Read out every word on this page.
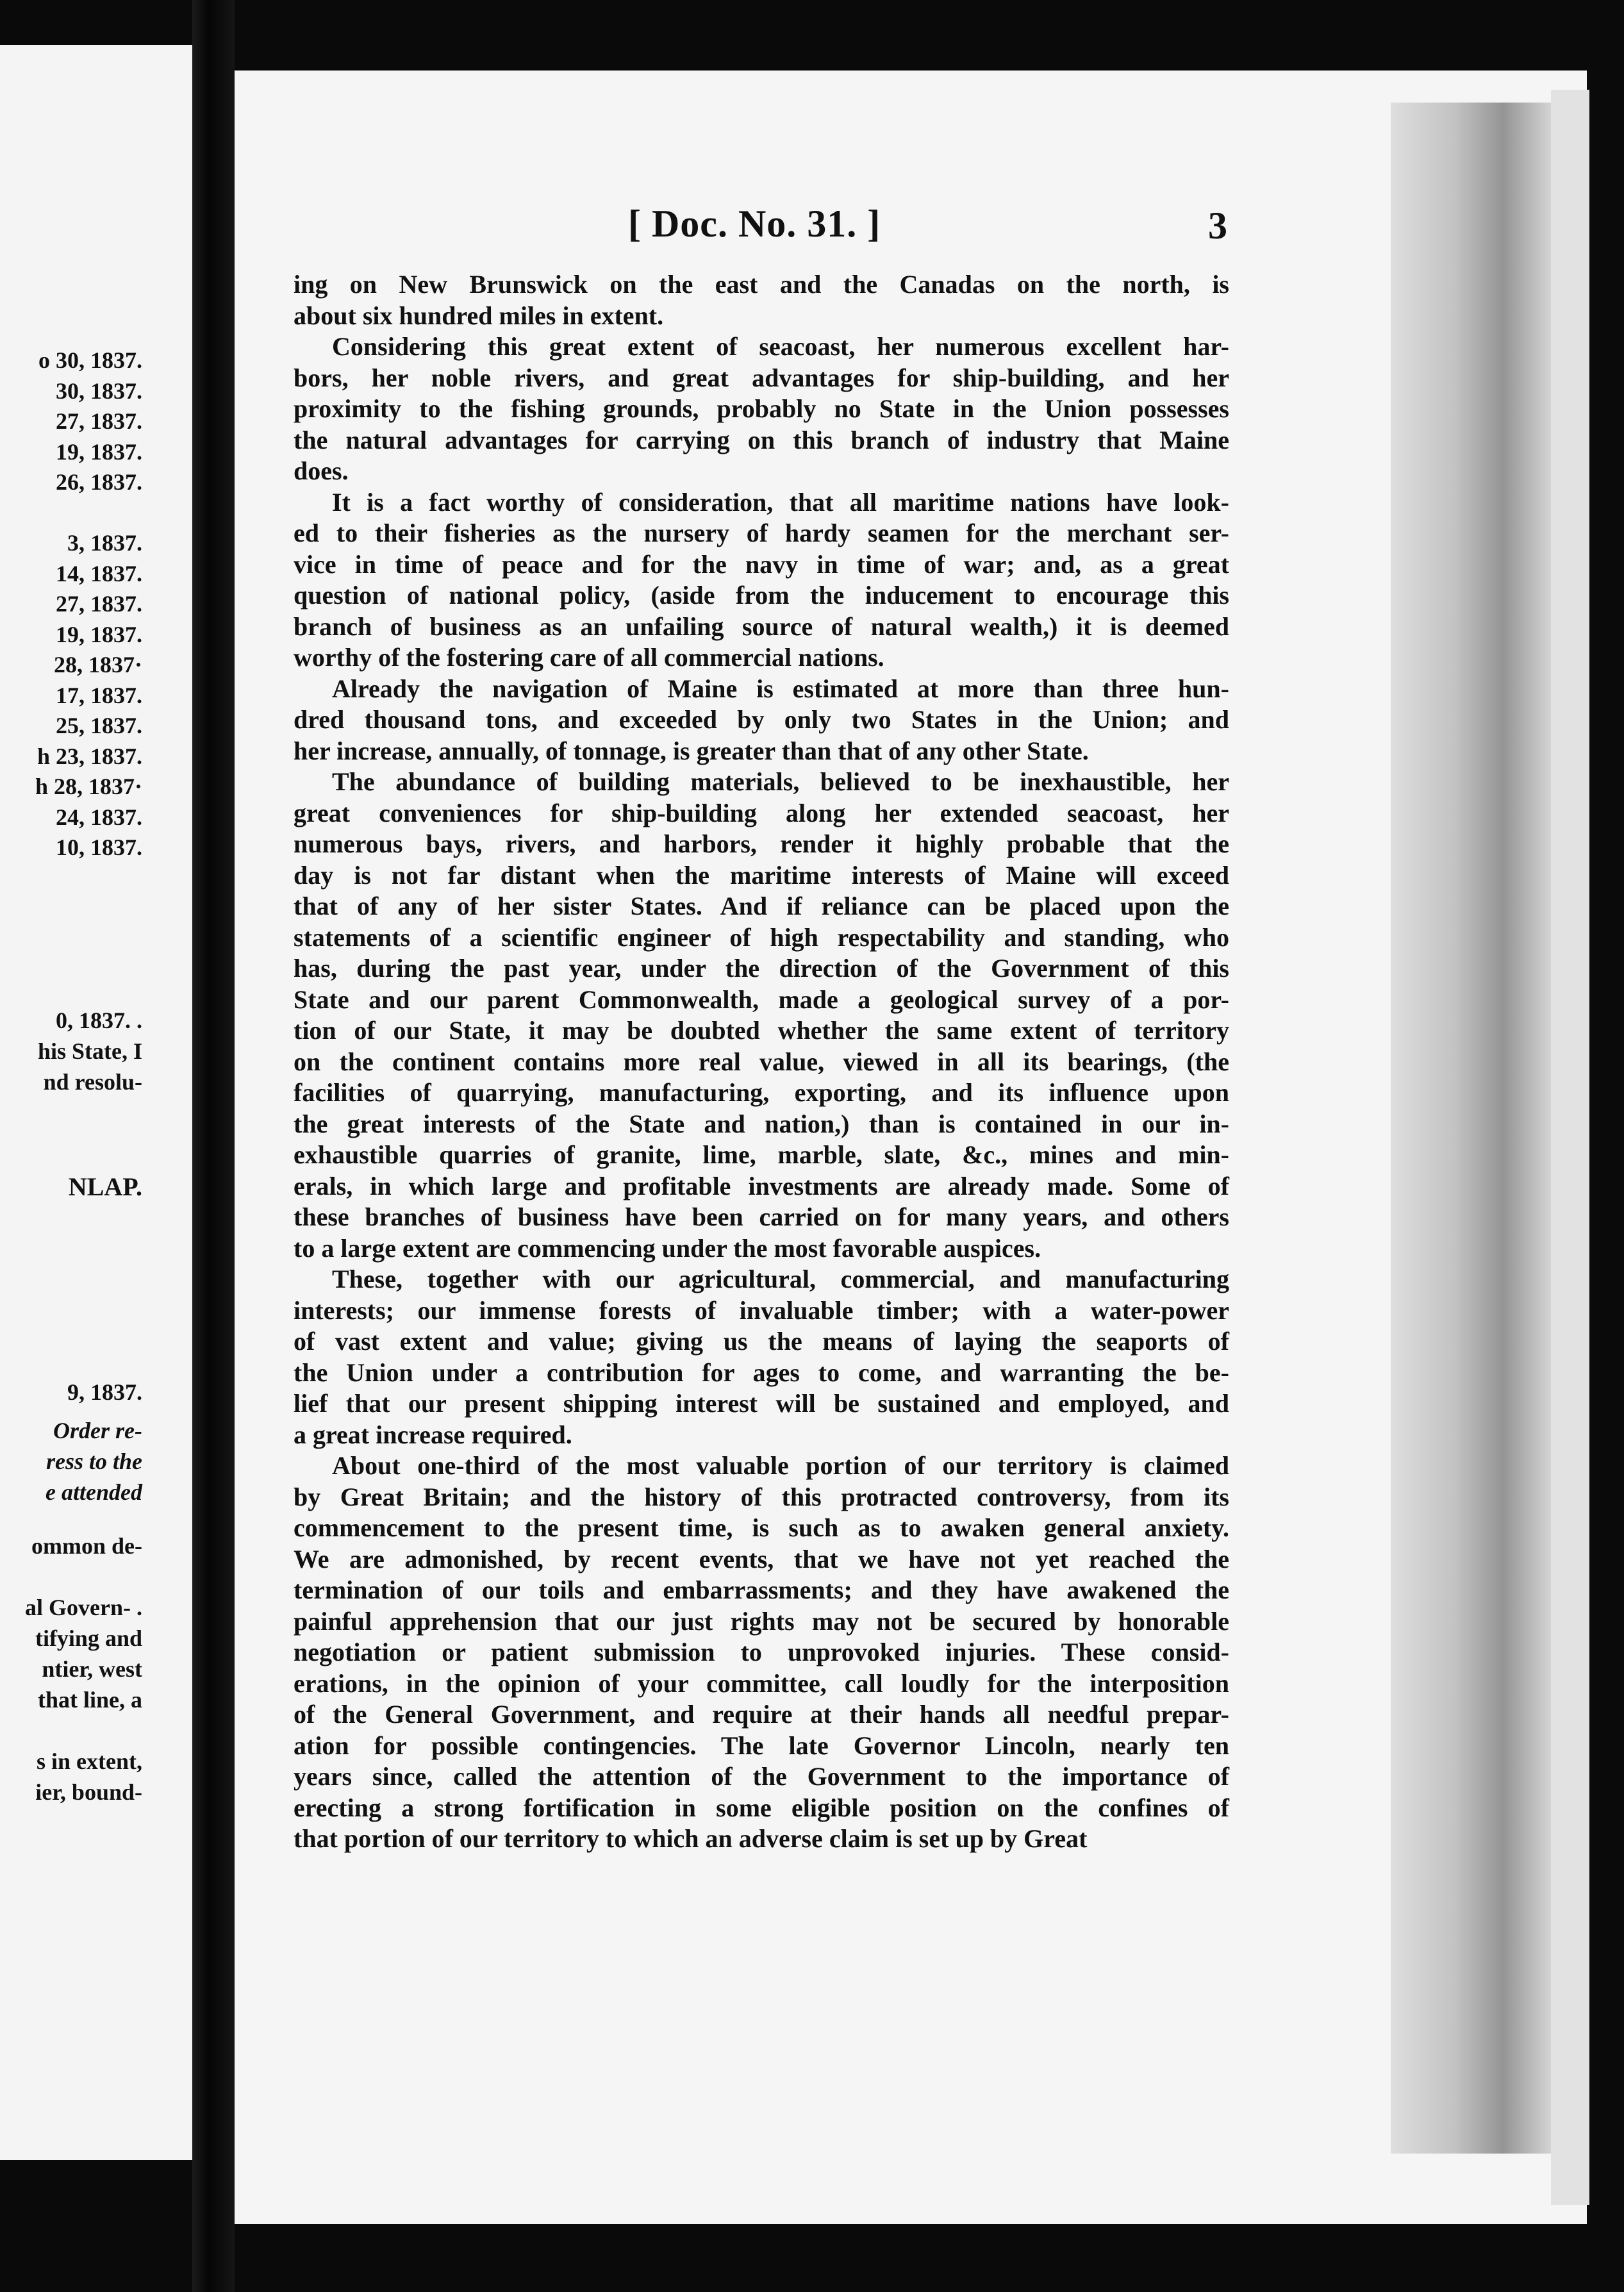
o 30, 1837.
30, 1837.
27, 1837.
19, 1837.
26, 1837.
3, 1837.
14, 1837.
27, 1837.
19, 1837.
28, 1837·
17, 1837.
25, 1837.
h 23, 1837.
h 28, 1837·
24, 1837.
10, 1837.
0, 1837. .
his State, I
nd resolu-
NLAP.
9, 1837.
Order re-
ress to the
e attended
ommon de-
al Govern- .
tifying and
ntier, west
that line, a
s in extent,
ier, bound-
[ Doc. No. 31. ]	3
ing on New Brunswick on the east and the Canadas on the north, is
about six hundred miles in extent.
Considering this great extent of seacoast, her numerous excellent har-
bors, her noble rivers, and great advantages for ship-building, and her
proximity to the fishing grounds, probably no State in the Union possesses
the natural advantages for carrying on this branch of industry that Maine
does.
It is a fact worthy of consideration, that all maritime nations have look-
ed to their fisheries as the nursery of hardy seamen for the merchant ser-
vice in time of peace and for the navy in time of war; and, as a great
question of national policy, (aside from the inducement to encourage this
branch of business as an unfailing source of natural wealth,) it is deemed
worthy of the fostering care of all commercial nations.
Already the navigation of Maine is estimated at more than three hun-
dred thousand tons, and exceeded by only two States in the Union; and
her increase, annually, of tonnage, is greater than that of any other State.
The abundance of building materials, believed to be inexhaustible, her
great conveniences for ship-building along her extended seacoast, her
numerous bays, rivers, and harbors, render it highly probable that the
day is not far distant when the maritime interests of Maine will exceed
that of any of her sister States. And if reliance can be placed upon the
statements of a scientific engineer of high respectability and standing, who
has, during the past year, under the direction of the Government of this
State and our parent Commonwealth, made a geological survey of a por-
tion of our State, it may be doubted whether the same extent of territory
on the continent contains more real value, viewed in all its bearings, (the
facilities of quarrying, manufacturing, exporting, and its influence upon
the great interests of the State and nation,) than is contained in our in-
exhaustible quarries of granite, lime, marble, slate, &c., mines and min-
erals, in which large and profitable investments are already made. Some of
these branches of business have been carried on for many years, and others
to a large extent are commencing under the most favorable auspices.
These, together with our agricultural, commercial, and manufacturing
interests; our immense forests of invaluable timber; with a water-power
of vast extent and value; giving us the means of laying the seaports of
the Union under a contribution for ages to come, and warranting the be-
lief that our present shipping interest will be sustained and employed, and
a great increase required.
About one-third of the most valuable portion of our territory is claimed
by Great Britain; and the history of this protracted controversy, from its
commencement to the present time, is such as to awaken general anxiety.
We are admonished, by recent events, that we have not yet reached the
termination of our toils and embarrassments; and they have awakened the
painful apprehension that our just rights may not be secured by honorable
negotiation or patient submission to unprovoked injuries. These consid-
erations, in the opinion of your committee, call loudly for the interposition
of the General Government, and require at their hands all needful prepar-
ation for possible contingencies. The late Governor Lincoln, nearly ten
years since, called the attention of the Government to the importance of
erecting a strong fortification in some eligible position on the confines of
that portion of our territory to which an adverse claim is set up by Great
